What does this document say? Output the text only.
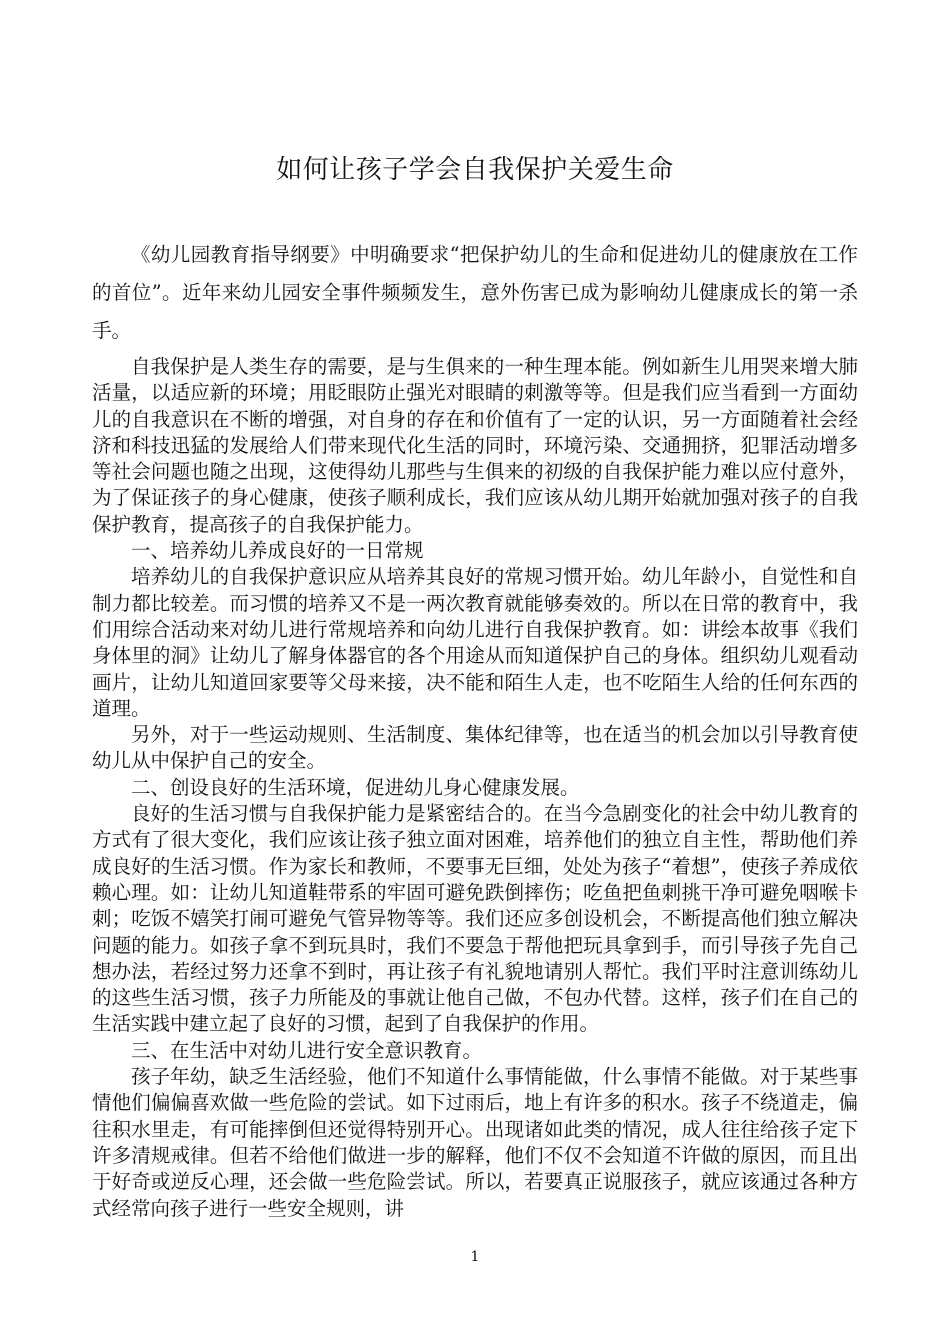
如何让孩子学会自我保护关爱生命

《幼儿园教育指导纲要》中明确要求“把保护幼儿的生命和促进幼儿的健康放在工作的首位”。近年来幼儿园安全事件频频发生，意外伤害已成为影响幼儿健康成长的第一杀手。

自我保护是人类生存的需要，是与生俱来的一种生理本能。例如新生儿用哭来增大肺活量，以适应新的环境；用眨眼防止强光对眼睛的刺激等等。但是我们应当看到一方面幼儿的自我意识在不断的增强，对自身的存在和价值有了一定的认识，另一方面随着社会经济和科技迅猛的发展给人们带来现代化生活的同时，环境污染、交通拥挤，犯罪活动增多等社会问题也随之出现，这使得幼儿那些与生俱来的初级的自我保护能力难以应付意外，为了保证孩子的身心健康，使孩子顺利成长，我们应该从幼儿期开始就加强对孩子的自我保护教育，提高孩子的自我保护能力。

一、培养幼儿养成良好的一日常规

培养幼儿的自我保护意识应从培养其良好的常规习惯开始。幼儿年龄小，自觉性和自制力都比较差。而习惯的培养又不是一两次教育就能够奏效的。所以在日常的教育中，我们用综合活动来对幼儿进行常规培养和向幼儿进行自我保护教育。如：讲绘本故事《我们身体里的洞》让幼儿了解身体器官的各个用途从而知道保护自己的身体。组织幼儿观看动画片，让幼儿知道回家要等父母来接，决不能和陌生人走，也不吃陌生人给的任何东西的道理。

另外，对于一些运动规则、生活制度、集体纪律等，也在适当的机会加以引导教育使幼儿从中保护自己的安全。

二、创设良好的生活环境，促进幼儿身心健康发展。

良好的生活习惯与自我保护能力是紧密结合的。在当今急剧变化的社会中幼儿教育的方式有了很大变化，我们应该让孩子独立面对困难，培养他们的独立自主性，帮助他们养成良好的生活习惯。作为家长和教师，不要事无巨细，处处为孩子“着想”，使孩子养成依赖心理。如：让幼儿知道鞋带系的牢固可避免跌倒摔伤；吃鱼把鱼刺挑干净可避免咽喉卡刺；吃饭不嬉笑打闹可避免气管异物等等。我们还应多创设机会，不断提高他们独立解决问题的能力。如孩子拿不到玩具时，我们不要急于帮他把玩具拿到手，而引导孩子先自己想办法，若经过努力还拿不到时，再让孩子有礼貌地请别人帮忙。我们平时注意训练幼儿的这些生活习惯，孩子力所能及的事就让他自己做，不包办代替。这样，孩子们在自己的生活实践中建立起了良好的习惯，起到了自我保护的作用。

三、在生活中对幼儿进行安全意识教育。

孩子年幼，缺乏生活经验，他们不知道什么事情能做，什么事情不能做。对于某些事情他们偏偏喜欢做一些危险的尝试。如下过雨后，地上有许多的积水。孩子不绕道走，偏往积水里走，有可能摔倒但还觉得特别开心。出现诸如此类的情况，成人往往给孩子定下许多清规戒律。但若不给他们做进一步的解释，他们不仅不会知道不许做的原因，而且出于好奇或逆反心理，还会做一些危险尝试。所以，若要真正说服孩子，就应该通过各种方式经常向孩子进行一些安全规则，讲

1
